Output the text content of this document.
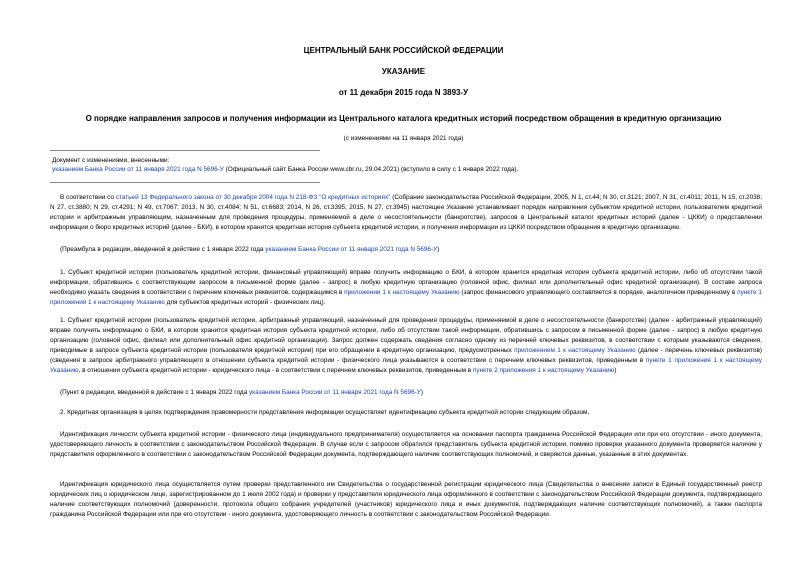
ЦЕНТРАЛЬНЫЙ БАНК РОССИЙСКОЙ ФЕДЕРАЦИИ
УКАЗАНИЕ
от 11 декабря 2015 года N 3893-У
О порядке направления запросов и получения информации из Центрального каталога кредитных историй посредством обращения в кредитную организацию
(с изменениями на 11 января 2021 года)
Документ с изменениями, внесенными:
указанием Банка России от 11 января 2021 года N 5696-У (Официальный сайт Банка России www.cbr.ru, 29.04.2021) (вступило в силу с 1 января 2022 года).
В соответствии со статьей 13 Федерального закона от 30 декабря 2004 года N 218-ФЗ "О кредитных историях" (Собрание законодательства Российской Федерации, 2005, N 1, ст.44; N 30, ст.3121; 2007, N 31, ст.4011; 2011, N 15, ст.2038; N 27, ст.3880; N 29, ст.4291; N 49, ст.7067; 2013, N 30, ст.4084; N 51, ст.6683; 2014, N 26, ст.3395; 2015, N 27, ст.3945) настоящее Указание устанавливает порядок направления субъектом кредитной истории, пользователем кредитной истории и арбитражным управляющим, назначенным для проведения процедуры, применяемой в деле о несостоятельности (банкротстве), запросов в Центральный каталог кредитных историй (далее - ЦККИ) о представлении информации о бюро кредитных историй (далее - БКИ), в котором хранится кредитная история субъекта кредитной истории, и получения информации из ЦККИ посредством обращения в кредитную организацию.
(Преамбула в редакции, введенной в действие с 1 января 2022 года указанием Банка России от 11 января 2021 года N 5696-У)
1. Субъект кредитной истории (пользователь кредитной истории, финансовый управляющий) вправе получить информацию о БКИ, в котором хранится кредитная история субъекта кредитной истории, либо об отсутствии такой информации, обратившись с соответствующим запросом в письменной форме (далее - запрос) в любую кредитную организацию (головной офис, филиал или дополнительный офис кредитной организации). В составе запроса необходимо указать сведения в соответствии с перечнем ключевых реквизитов, содержащимся в приложении 1 к настоящему Указанию (запрос финансового управляющего составляется в порядке, аналогичном приведенному в пункте 1 приложения 1 к настоящему Указанию для субъектов кредитных историй - физических лиц).
1. Субъект кредитной истории (пользователь кредитной истории, арбитражный управляющий, назначенный для проведения процедуры, применяемой в деле о несостоятельности (банкротстве) (далее - арбитражный управляющий) вправе получить информацию о БКИ, в котором хранится кредитная история субъекта кредитной истории, либо об отсутствии такой информации, обратившись с запросом в письменной форме (далее - запрос) в любую кредитную организацию (головной офис, филиал или дополнительный офис кредитной организации). Запрос должен содержать сведения согласно одному из перечней ключевых реквизитов, в соответствии с которым указываются сведения, приводимые в запросе субъекта кредитной истории (пользователя кредитной истории) при его обращении в кредитную организацию, предусмотренных приложением 1 к настоящему Указанию (далее - перечень ключевых реквизитов) (сведения в запросе арбитражного управляющего в отношении субъекта кредитной истории - физического лица указываются в соответствии с перечнем ключевых реквизитов, приведенным в пункте 1 приложения 1 к настоящему Указанию, в отношении субъекта кредитной истории - юридического лица - в соответствии с перечнем ключевых реквизитов, приведенным в пункте 2 приложения 1 к настоящему Указанию)
(Пункт в редакции, введенной в действие с 1 января 2022 года указанием Банка России от 11 января 2021 года N 5696-У)
2. Кредитная организация в целях подтверждения правомерности представления информации осуществляет идентификацию субъекта кредитной истории следующим образом.
Идентификация личности субъекта кредитной истории - физического лица (индивидуального предпринимателя) осуществляется на основании паспорта гражданина Российской Федерации или при его отсутствии - иного документа, удостоверяющего личность в соответствии с законодательством Российской Федерации. В случае если с запросом обратился представитель субъекта кредитной истории, помимо проверки указанного документа проверяется наличие у представителя оформленного в соответствии с законодательством Российской Федерации документа, подтверждающего наличие соответствующих полномочий, и сверяются данные, указанные в этих документах.
Идентификация юридического лица осуществляется путем проверки представленного им Свидетельства о государственной регистрации юридического лица (Свидетельства о внесении записи в Единый государственный реестр юридических лиц о юридическом лице, зарегистрированном до 1 июля 2002 года) и проверки у представителя юридического лица оформленного в соответствии с законодательством Российской Федерации документа, подтверждающего наличие соответствующих полномочий (доверенности, протокола общего собрания учредителей (участников) юридического лица и иных документов, подтверждающих наличие соответствующих полномочий), а также паспорта гражданина Российской Федерации или при его отсутствии - иного документа, удостоверяющего личность в соответствии с законодательством Российской Федерации.
